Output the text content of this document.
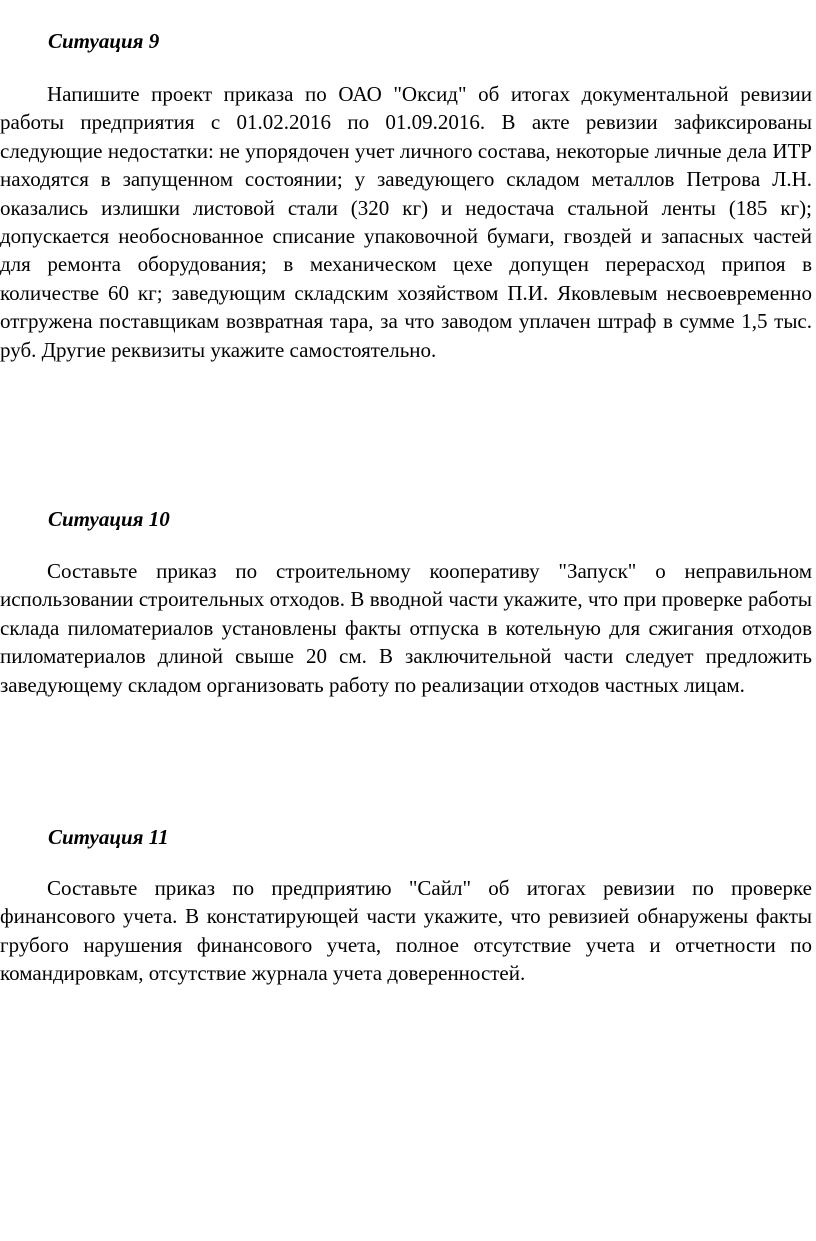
Ситуация 9

Напишите проект приказа по ОАО "Оксид" об итогах документальной ревизии работы предприятия с 01.02.2016 по 01.09.2016. В акте ревизии зафиксированы следующие недостатки: не упорядочен учет личного состава, некоторые личные дела ИТР находятся в запущенном состоянии; у заведующего складом металлов Петрова Л.Н. оказались излишки листовой стали (320 кг) и недостача стальной ленты (185 кг); допускается необоснованное списание упаковочной бумаги, гвоздей и запасных частей для ремонта оборудования; в механическом цехе допущен перерасход припоя в количестве 60 кг; заведующим складским хозяйством П.И. Яковлевым несвоевременно отгружена поставщикам возвратная тара, за что заводом уплачен штраф в сумме 1,5 тыс. руб. Другие реквизиты укажите самостоятельно.

Ситуация 10

Составьте приказ по строительному кооперативу "Запуск" о неправильном использовании строительных отходов. В вводной части укажите, что при проверке работы склада пиломатериалов установлены факты отпуска в котельную для сжигания отходов пиломатериалов длиной свыше 20 см. В заключительной части следует предложить заведующему складом организовать работу по реализации отходов частных лицам.

Ситуация 11

Составьте приказ по предприятию "Сайл" об итогах ревизии по проверке финансового учета. В констатирующей части укажите, что ревизией обнаружены факты грубого нарушения финансового учета, полное отсутствие учета и отчетности по командировкам, отсутствие журнала учета доверенностей.
